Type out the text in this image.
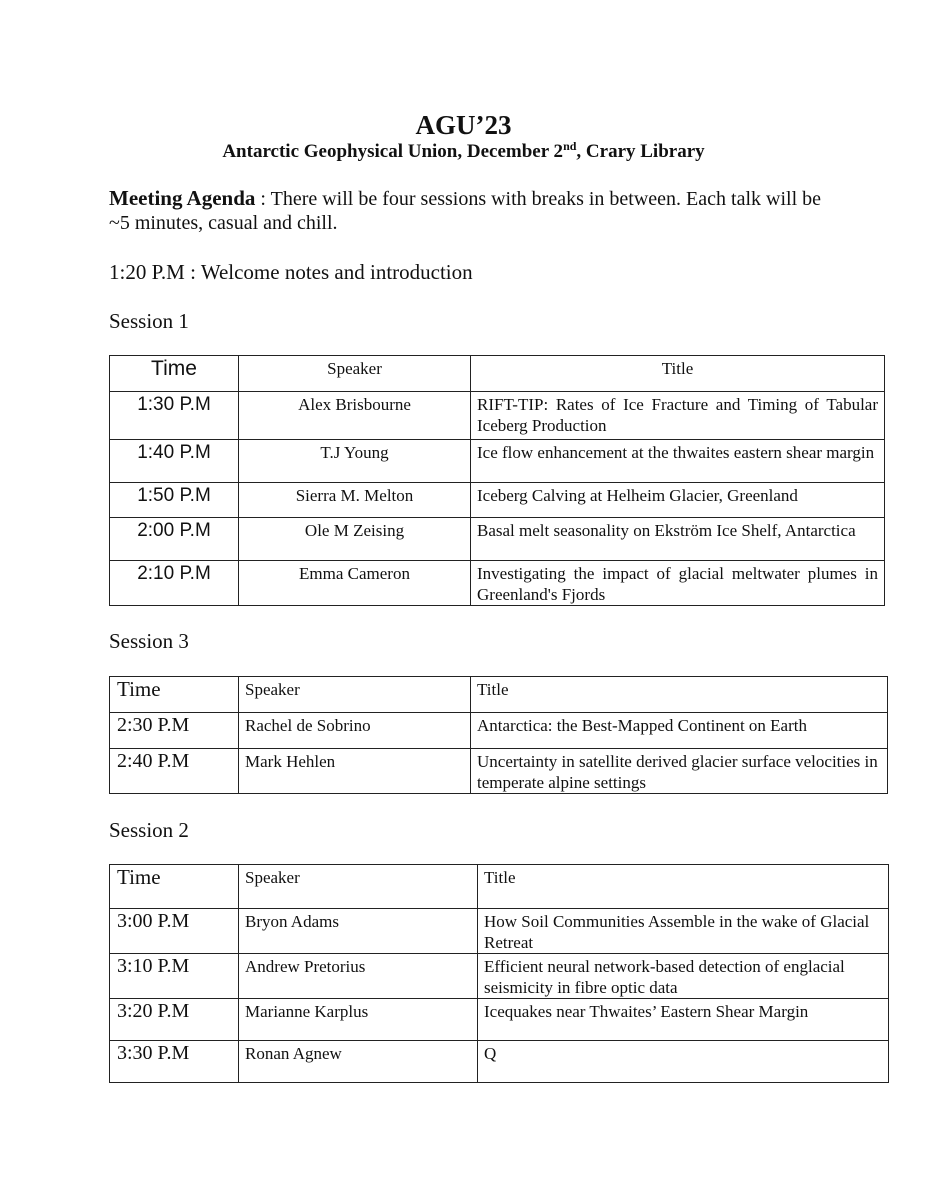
AGU’23
Antarctic Geophysical Union, December 2nd, Crary Library
Meeting Agenda : There will be four sessions with breaks in between. Each talk will be ~5 minutes, casual and chill.
1:20 P.M : Welcome notes and introduction
Session 1
Time	Speaker	Title
1:30 P.M	Alex Brisbourne	RIFT-TIP: Rates of Ice Fracture and Timing of Tabular Iceberg Production
1:40 P.M	T.J Young	Ice flow enhancement at the thwaites eastern shear margin
1:50 P.M	Sierra M. Melton	Iceberg Calving at Helheim Glacier, Greenland
2:00 P.M	Ole M Zeising	Basal melt seasonality on Ekström Ice Shelf, Antarctica
2:10 P.M	Emma Cameron	Investigating the impact of glacial meltwater plumes in Greenland's Fjords
Session 3
Time	Speaker	Title
2:30 P.M	Rachel de Sobrino	Antarctica: the Best-Mapped Continent on Earth
2:40 P.M	Mark Hehlen	Uncertainty in satellite derived glacier surface velocities in temperate alpine settings
Session 2
Time	Speaker	Title
3:00 P.M	Bryon Adams	How Soil Communities Assemble in the wake of Glacial Retreat
3:10 P.M	Andrew Pretorius	Efficient neural network-based detection of englacial seismicity in fibre optic data
3:20 P.M	Marianne Karplus	Icequakes near Thwaites’ Eastern Shear Margin
3:30 P.M	Ronan Agnew	Q
